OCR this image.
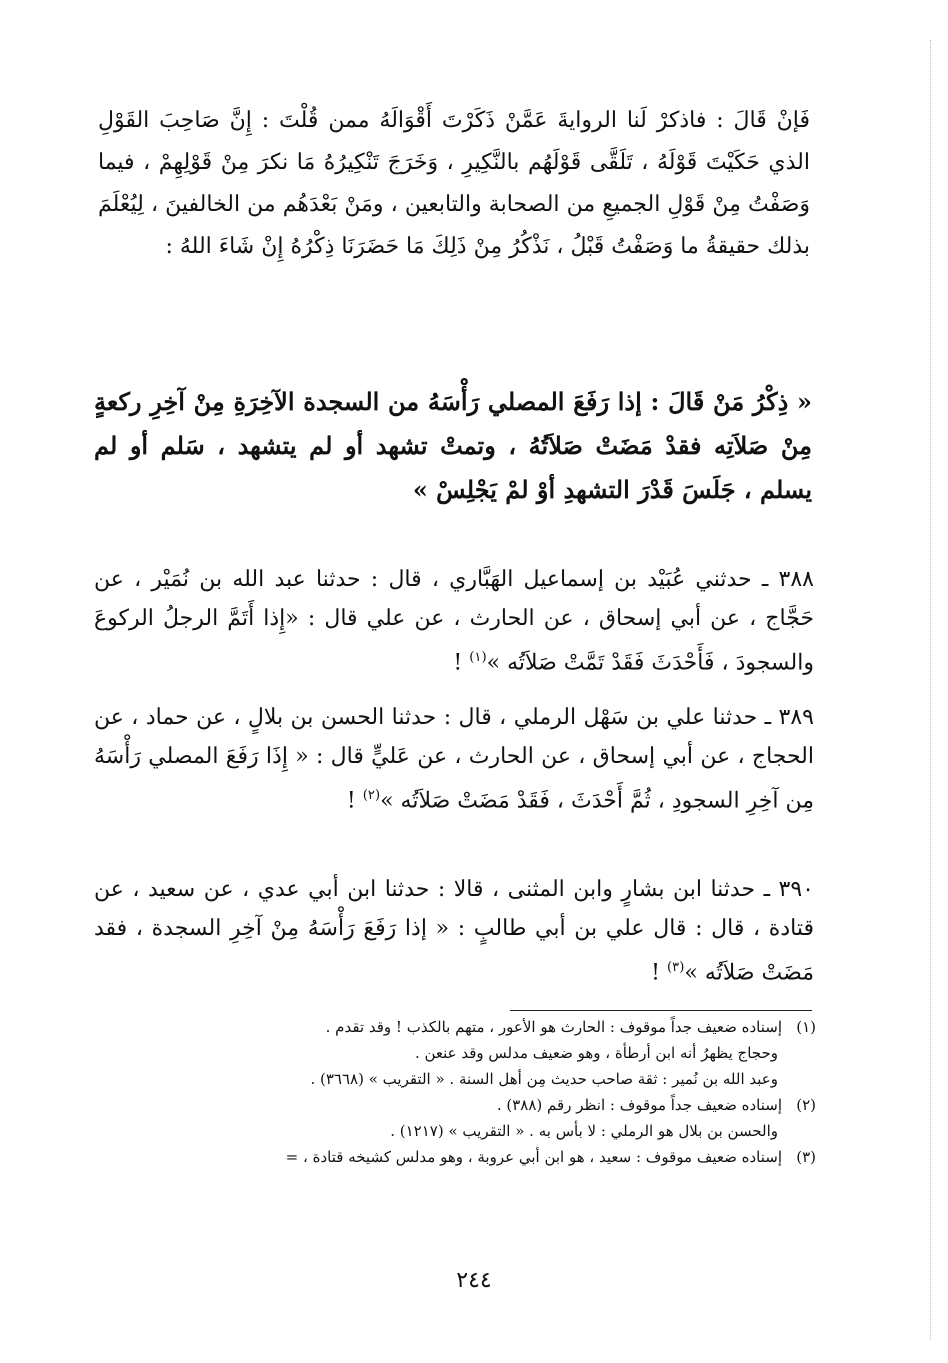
فَإنْ قَالَ : فاذكرْ لَنا الروايةَ عَمَّنْ ذَكَرْتَ أَقْوَالَهُ ممن قُلْتَ : إِنَّ صَاحِبَ القَوْلِ الذي حَكَيْتَ قَوْلَهُ ، تَلَقَّى قَوْلَهُم بالنَّكِيرِ ، وَخَرَجَ تَنْكِيرُهُ مَا نكرَ مِنْ قَوْلِهِمْ ، فيما وَصَفْتُ مِنْ قَوْلِ الجميعِ من الصحابة والتابعين ، ومَنْ بَعْدَهُم من الخالفينَ ، لِيُعْلَمَ بذلك حقيقةُ ما وَصَفْتُ قَبْلُ ، نَذْكُرُ مِنْ ذَلِكَ مَا حَضَرَنَا ذِكْرُهُ إِنْ شَاءَ اللهُ :
« ذِكْرُ مَنْ قَالَ : إذا رَفَعَ المصلي رَأْسَهُ من السجدة الآخِرَةِ مِنْ آخِرِ ركعةٍ مِنْ صَلاَتِه فقدْ مَضَتْ صَلاَتُهُ ، وتمتْ تشهد أو لم يتشهد ، سَلم أو لم يسلم ، جَلَسَ قَدْرَ التشهدِ أوْ لمْ يَجْلِسْ »
٣٨٨ ـ حدثني عُبَيْد بن إسماعيل الهَبَّاري ، قال : حدثنا عبد الله بن نُمَيْر ، عن حَجَّاج ، عن أبي إسحاق ، عن الحارث ، عن علي قال : «إِذا أَتَمَّ الرجلُ الركوعَ والسجودَ ، فَأَحْدَثَ فَقَدْ تَمَّتْ صَلاَتُه »$^{(١)}$ !
٣٨٩ ـ حدثنا علي بن سَهْل الرملي ، قال : حدثنا الحسن بن بلالٍ ، عن حماد ، عن الحجاج ، عن أبي إسحاق ، عن الحارث ، عن عَليٍّ قال : « إِذَا رَفَعَ المصلي رَأْسَهُ مِن آخِرِ السجودِ ، ثُمَّ أَحْدَثَ ، فَقَدْ مَضَتْ صَلاَتُه »$^{(٢)}$ !
٣٩٠ ـ حدثنا ابن بشارٍ وابن المثنى ، قالا : حدثنا ابن أبي عدي ، عن سعيد ، عن قتادة ، قال : قال علي بن أبي طالبٍ : « إذا رَفَعَ رَأْسَهُ مِنْ آخِرِ السجدة ، فقد مَضَتْ صَلاَتُه »$^{(٣)}$ !

(١)إسناده ضعيف جداً موقوف : الحارث هو الأعور ، متهم بالكذب ! وقد تقدم .

وحجاج يظهرُ أنه ابن أرطأة ، وهو ضعيف مدلس وقد عنعن .

وعبد الله بن نُمير : ثقة صاحب حديث مِن أهل السنة . « التقريب » (٣٦٦٨) .

(٢)إسناده ضعيف جداً موقوف : انظر رقم (٣٨٨) .

والحسن بن بلال هو الرملي : لا بأس به . « التقريب » (١٢١٧) .

(٣)إسناده ضعيف موقوف : سعيد ، هو ابن أبي عروبة ، وهو مدلس كشيخه قتادة ، =

٢٤٤
